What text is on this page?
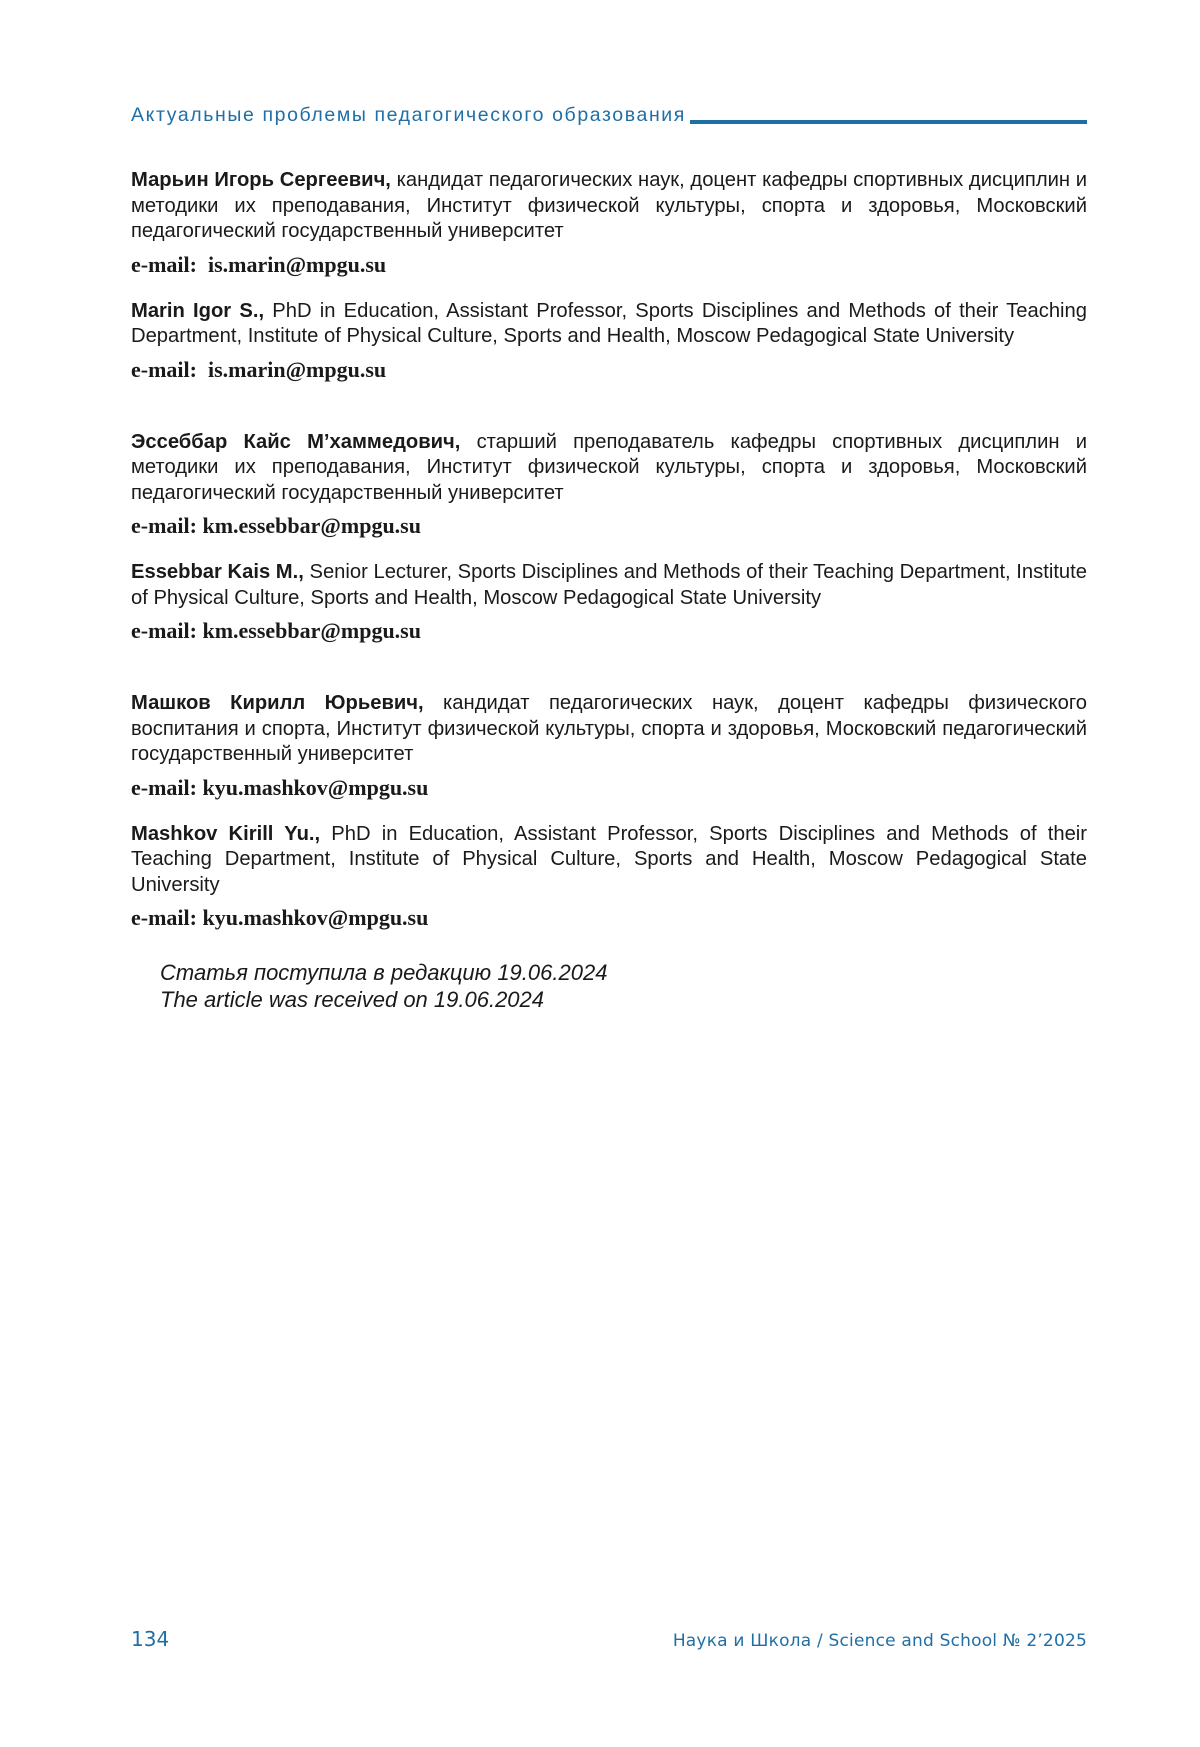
Актуальные проблемы педагогического образования

Марьин Игорь Сергеевич, кандидат педагогических наук, доцент кафедры спортивных дисциплин и методики их преподавания, Институт физической культуры, спорта и здоровья, Московский педагогический государственный университет

e-mail:  is.marin@mpgu.su

Marin Igor S., PhD in Education, Assistant Professor, Sports Disciplines and Methods of their Teaching Department, Institute of Physical Culture, Sports and Health, Moscow Pedagogical State University

e-mail:  is.marin@mpgu.su

Эссеббар Кайс М’хаммедович, старший преподаватель кафедры спортивных дисциплин и методики их преподавания, Институт физической культуры, спорта и здоровья, Московский педагогический государственный университет

e-mail: km.essebbar@mpgu.su

Essebbar Kais M., Senior Lecturer, Sports Disciplines and Methods of their Teaching Department, Institute of Physical Culture, Sports and Health, Moscow Pedagogical State University

e-mail: km.essebbar@mpgu.su

Машков Кирилл Юрьевич, кандидат педагогических наук, доцент кафедры физического воспитания и спорта, Институт физической культуры, спорта и здоровья, Московский педагогический государственный университет

e-mail: kyu.mashkov@mpgu.su

Mashkov Kirill Yu., PhD in Education, Assistant Professor, Sports Disciplines and Methods of their Teaching Department, Institute of Physical Culture, Sports and Health, Moscow Pedagogical State University

e-mail: kyu.mashkov@mpgu.su
Статья поступила в редакцию 19.06.2024
The article was received on 19.06.2024
134	Наука и Школа / Science and School № 2’2025
